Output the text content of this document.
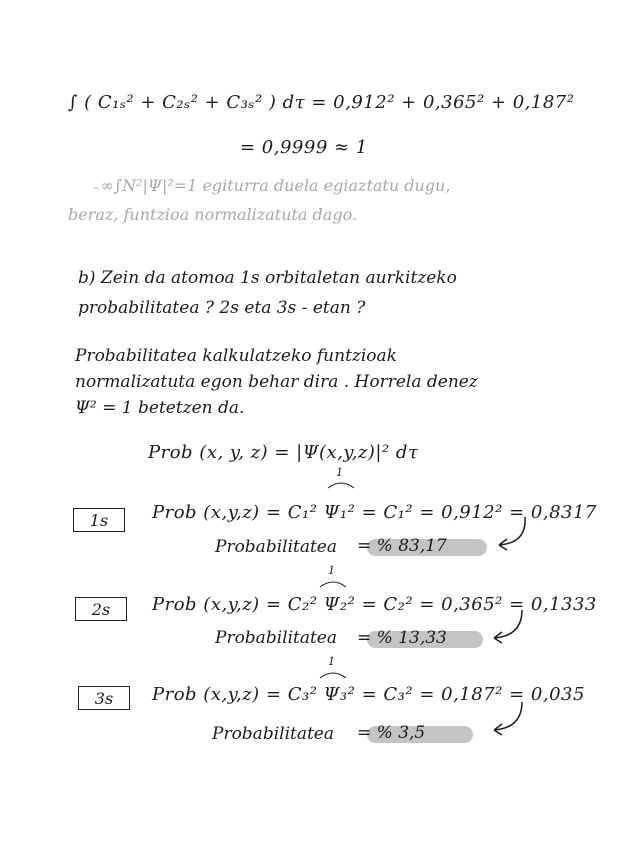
∫ ( C₁ₛ² + C₂ₛ² + C₃ₛ² ) dτ = 0,912² + 0,365² + 0,187²
= 0,9999 ≈ 1
₋∞∫N²|Ψ|²=1 egiturra duela egiaztatu dugu,
beraz, funtzioa normalizatuta dago.
b) Zein da atomoa 1s orbitaletan aurkitzeko
probabilitatea ? 2s eta 3s - etan ?
Probabilitatea kalkulatzeko funtzioak
normalizatuta egon behar dira . Horrela denez
Ψ² = 1 betetzen da.
Prob (x, y, z) = |Ψ(x,y,z)|² dτ
1s
1
Prob (x,y,z) = C₁² Ψ₁² = C₁² = 0,912² = 0,8317
Probabilitatea = % 83,17
2s
1
Prob (x,y,z) = C₂² Ψ₂² = C₂² = 0,365² = 0,1333
Probabilitatea = % 13,33
3s
1
Prob (x,y,z) = C₃² Ψ₃² = C₃² = 0,187² = 0,035
Probabilitatea = % 3,5
